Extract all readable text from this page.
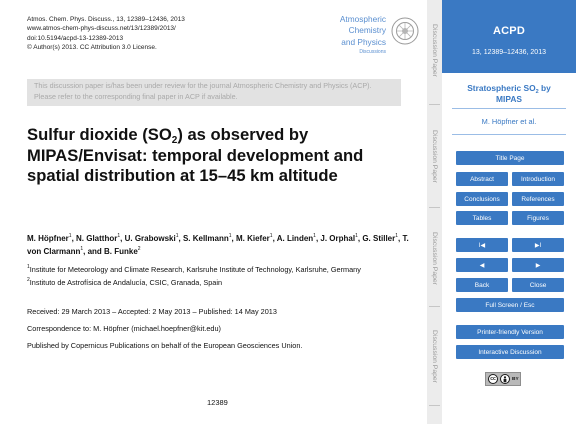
Atmos. Chem. Phys. Discuss., 13, 12389–12436, 2013
www.atmos-chem-phys-discuss.net/13/12389/2013/
doi:10.5194/acpd-13-12389-2013
© Author(s) 2013. CC Attribution 3.0 License.
Atmospheric
Chemistry
and Physics
Discussions
This discussion paper is/has been under review for the journal Atmospheric Chemistry and Physics (ACP). Please refer to the corresponding final paper in ACP if available.
Sulfur dioxide $(SO_2)$ as observed by MIPAS/Envisat: temporal development and spatial distribution at 15–45 km altitude
M. Höpfner$^1$, N. Glatthor$^1$, U. Grabowski$^1$, S. Kellmann$^1$, M. Kiefer$^1$, A. Linden$^1$, J. Orphal$^1$, G. Stiller$^1$, T. von Clarmann$^1$, and B. Funke$^2$

$^1$Institute for Meteorology and Climate Research, Karlsruhe Institute of Technology, Karlsruhe, Germany

$^2$Instituto de Astrofísica de Andalucía, CSIC, Granada, Spain

Received: 29 March 2013 – Accepted: 2 May 2013 – Published: 14 May 2013

Correspondence to: M. Höpfner (michael.hoepfner@kit.edu)

Published by Copernicus Publications on behalf of the European Geosciences Union.

12389
Discussion Paper
Discussion Paper
Discussion Paper
Discussion Paper
ACPD
13, 12389–12436, 2013
Stratospheric $SO_2$ by
MIPAS
M. Höpfner et al.
Title Page
Abstract	Introduction
Conclusions	References
Tables	Figures
I◀	▶I
◀	▶
Back	Close
Full Screen / Esc
Printer-friendly Version
Interactive Discussion
cc	BY
